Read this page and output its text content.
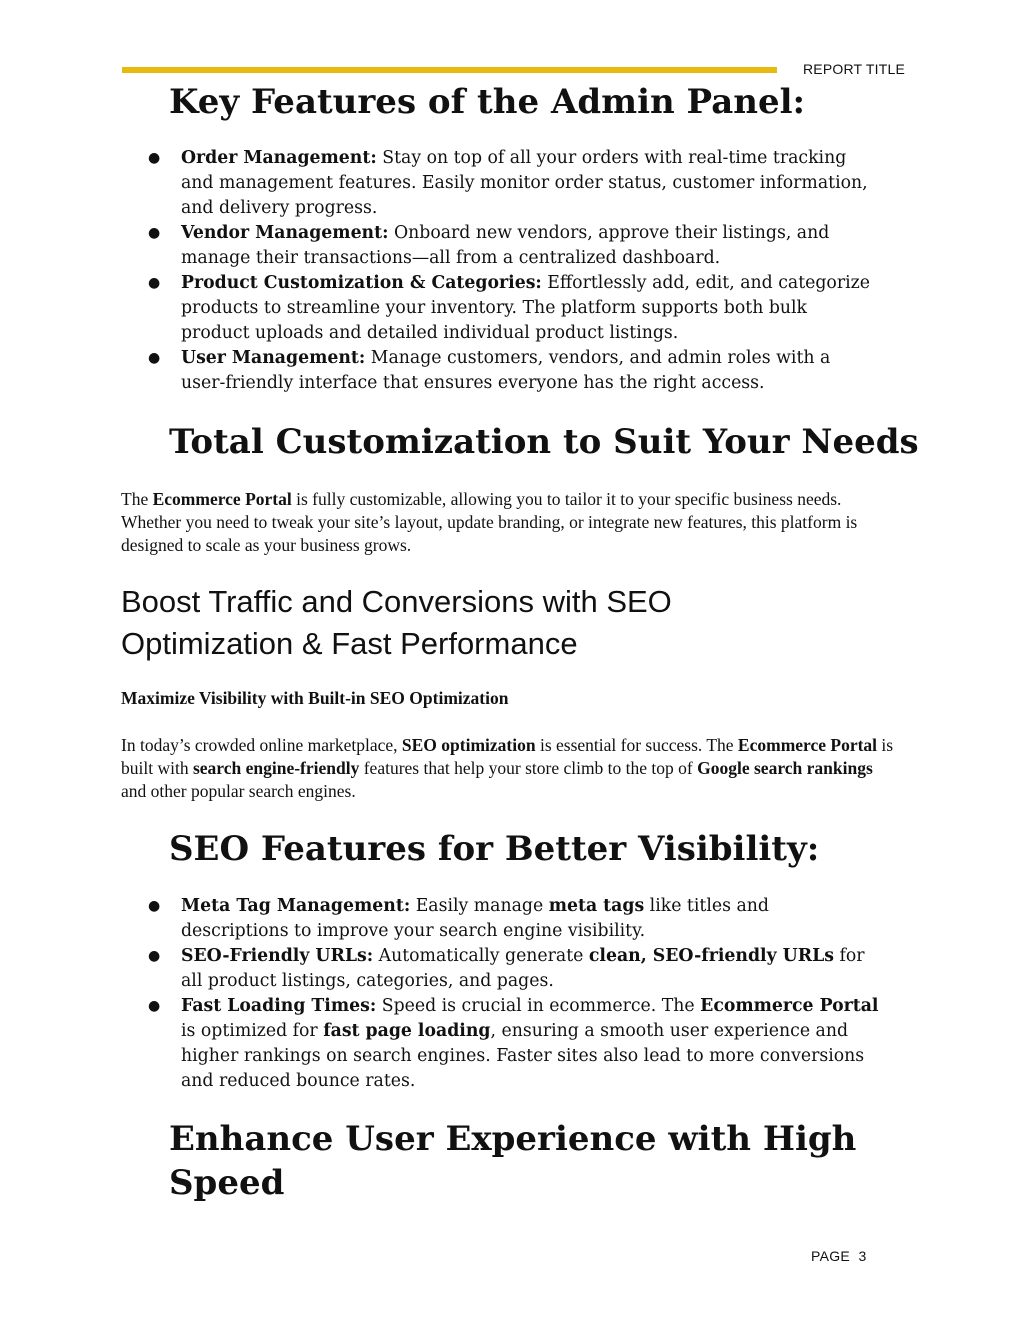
REPORT TITLE
Key Features of the Admin Panel:
● Order Management: Stay on top of all your orders with real-time tracking and management features. Easily monitor order status, customer information, and delivery progress.
● Vendor Management: Onboard new vendors, approve their listings, and manage their transactions—all from a centralized dashboard.
● Product Customization & Categories: Effortlessly add, edit, and categorize products to streamline your inventory. The platform supports both bulk product uploads and detailed individual product listings.
● User Management: Manage customers, vendors, and admin roles with a user-friendly interface that ensures everyone has the right access.
Total Customization to Suit Your Needs

The Ecommerce Portal is fully customizable, allowing you to tailor it to your specific business needs. Whether you need to tweak your site’s layout, update branding, or integrate new features, this platform is designed to scale as your business grows.

Boost Traffic and Conversions with SEO
Optimization & Fast Performance

Maximize Visibility with Built-in SEO Optimization

In today’s crowded online marketplace, SEO optimization is essential for success. The Ecommerce Portal is built with search engine-friendly features that help your store climb to the top of Google search rankings and other popular search engines.

SEO Features for Better Visibility:
● Meta Tag Management: Easily manage meta tags like titles and descriptions to improve your search engine visibility.
● SEO-Friendly URLs: Automatically generate clean, SEO-friendly URLs for all product listings, categories, and pages.
● Fast Loading Times: Speed is crucial in ecommerce. The Ecommerce Portal is optimized for fast page loading, ensuring a smooth user experience and higher rankings on search engines. Faster sites also lead to more conversions and reduced bounce rates.
Enhance User Experience with High
Speed
PAGE 3
